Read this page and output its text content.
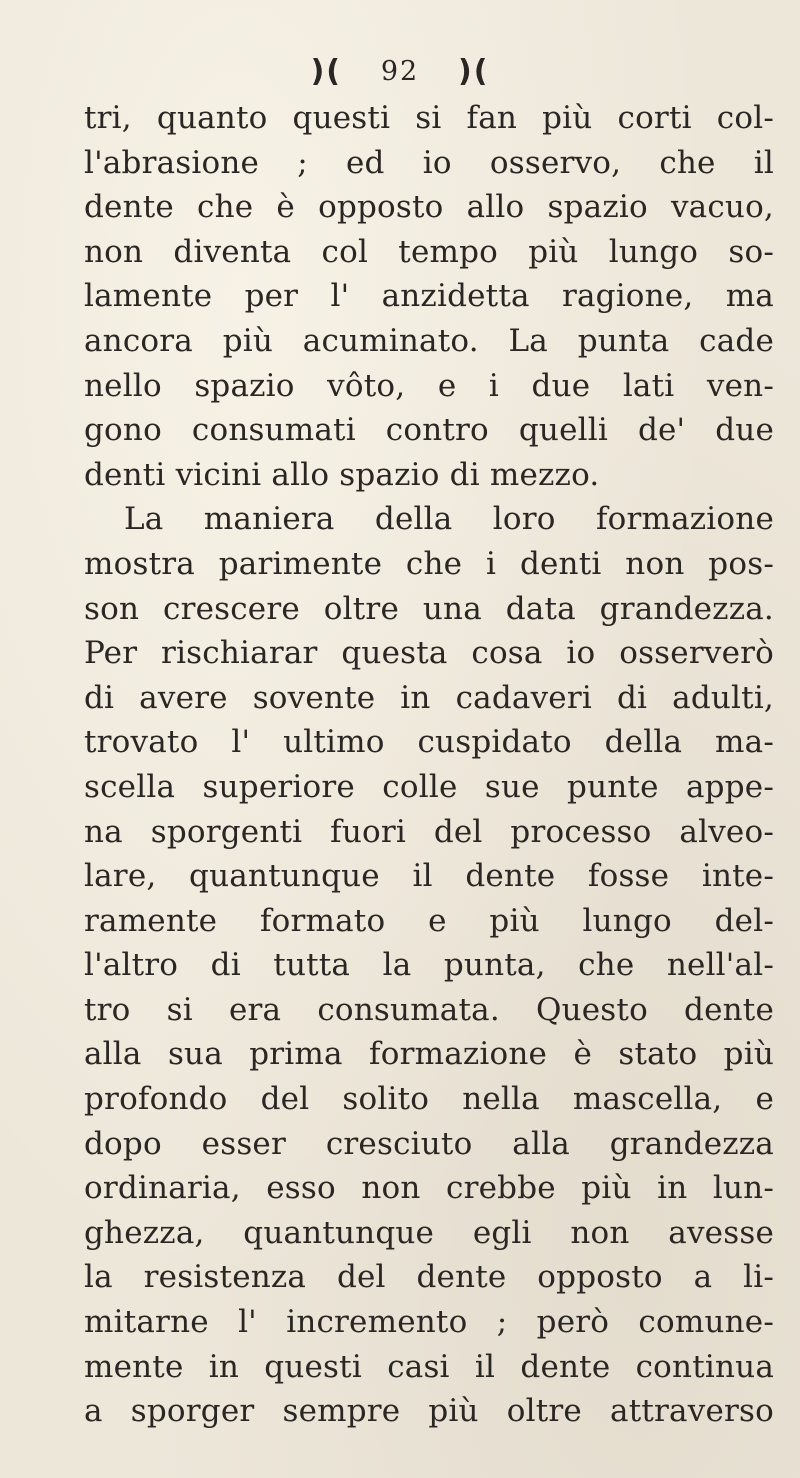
)( 92 )(
tri, quanto questi si fan più corti col-
l'abrasione ; ed io osservo, che il
dente che è opposto allo spazio vacuo,
non diventa col tempo più lungo so-
lamente per l' anzidetta ragione, ma
ancora più acuminato. La punta cade
nello spazio vôto, e i due lati ven-
gono consumati contro quelli de' due
denti vicini allo spazio di mezzo.
La maniera della loro formazione
mostra parimente che i denti non pos-
son crescere oltre una data grandezza.
Per rischiarar questa cosa io osserverò
di avere sovente in cadaveri di adulti,
trovato l' ultimo cuspidato della ma-
scella superiore colle sue punte appe-
na sporgenti fuori del processo alveo-
lare, quantunque il dente fosse inte-
ramente formato e più lungo del-
l'altro di tutta la punta, che nell'al-
tro si era consumata. Questo dente
alla sua prima formazione è stato più
profondo del solito nella mascella, e
dopo esser cresciuto alla grandezza
ordinaria, esso non crebbe più in lun-
ghezza, quantunque egli non avesse
la resistenza del dente opposto a li-
mitarne l' incremento ; però comune-
mente in questi casi il dente continua
a sporger sempre più oltre attraverso
